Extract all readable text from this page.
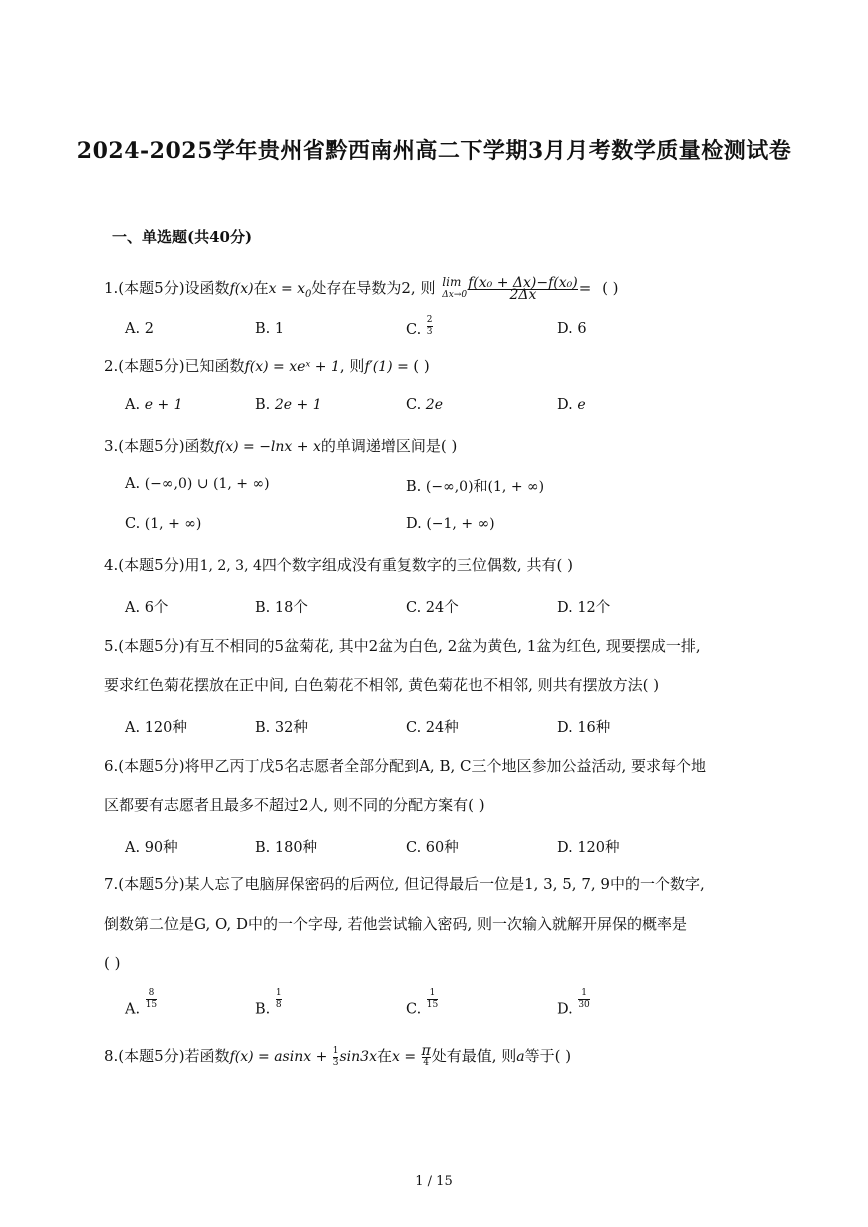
2024-2025学年贵州省黔西南州高二下学期3月月考数学质量检测试卷
一、单选题(共40分)
1.(本题5分)设函数f(x)在$x = x_0$处存在导数为2, 则 lim
$\Delta x\to 0 \frac{\text{f(x₀ + Δx)−f(x₀)}}{2\Delta x}$ = ( )
A. 2	B. 1	C. $\frac{2}{3}$	D. 6
2.(本题5分)已知函数f(x) = xeˣ + 1, 则f′(1) = ( )
A. e + 1	B. 2e + 1	C. 2e	D. e
3.(本题5分)函数f(x) = −lnx + x的单调递增区间是( )
A. (−∞,0) ∪ (1, + ∞)	B. (−∞,0)和(1, + ∞)
C. (1, + ∞)	D. (−1, + ∞)
4.(本题5分)用1, 2, 3, 4四个数字组成没有重复数字的三位偶数, 共有( )
A. 6个	B. 18个	C. 24个	D. 12个
5.(本题5分)有互不相同的5盆菊花, 其中2盆为白色, 2盆为黄色, 1盆为红色, 现要摆成一排,
要求红色菊花摆放在正中间, 白色菊花不相邻, 黄色菊花也不相邻, 则共有摆放方法( )
A. 120种	B. 32种	C. 24种	D. 16种
6.(本题5分)将甲乙丙丁戊5名志愿者全部分配到A, B, C三个地区参加公益活动, 要求每个地
区都要有志愿者且最多不超过2人, 则不同的分配方案有( )
A. 90种	B. 180种	C. 60种	D. 120种
7.(本题5分)某人忘了电脑屏保密码的后两位, 但记得最后一位是1, 3, 5, 7, 9中的一个数字,
倒数第二位是G, O, D中的一个字母, 若他尝试输入密码, 则一次输入就解开屏保的概率是
( )
A. $\frac{8}{15}$	B. $\frac{1}{8}$	C. $\frac{1}{15}$	D. $\frac{1}{30}$
8.(本题5分)若函数$f(x) = asinx + \frac{1}{3} \sin 3x$在$x = \frac{\pi}{4}$ 处有最值, 则a等于( )
1 / 15
